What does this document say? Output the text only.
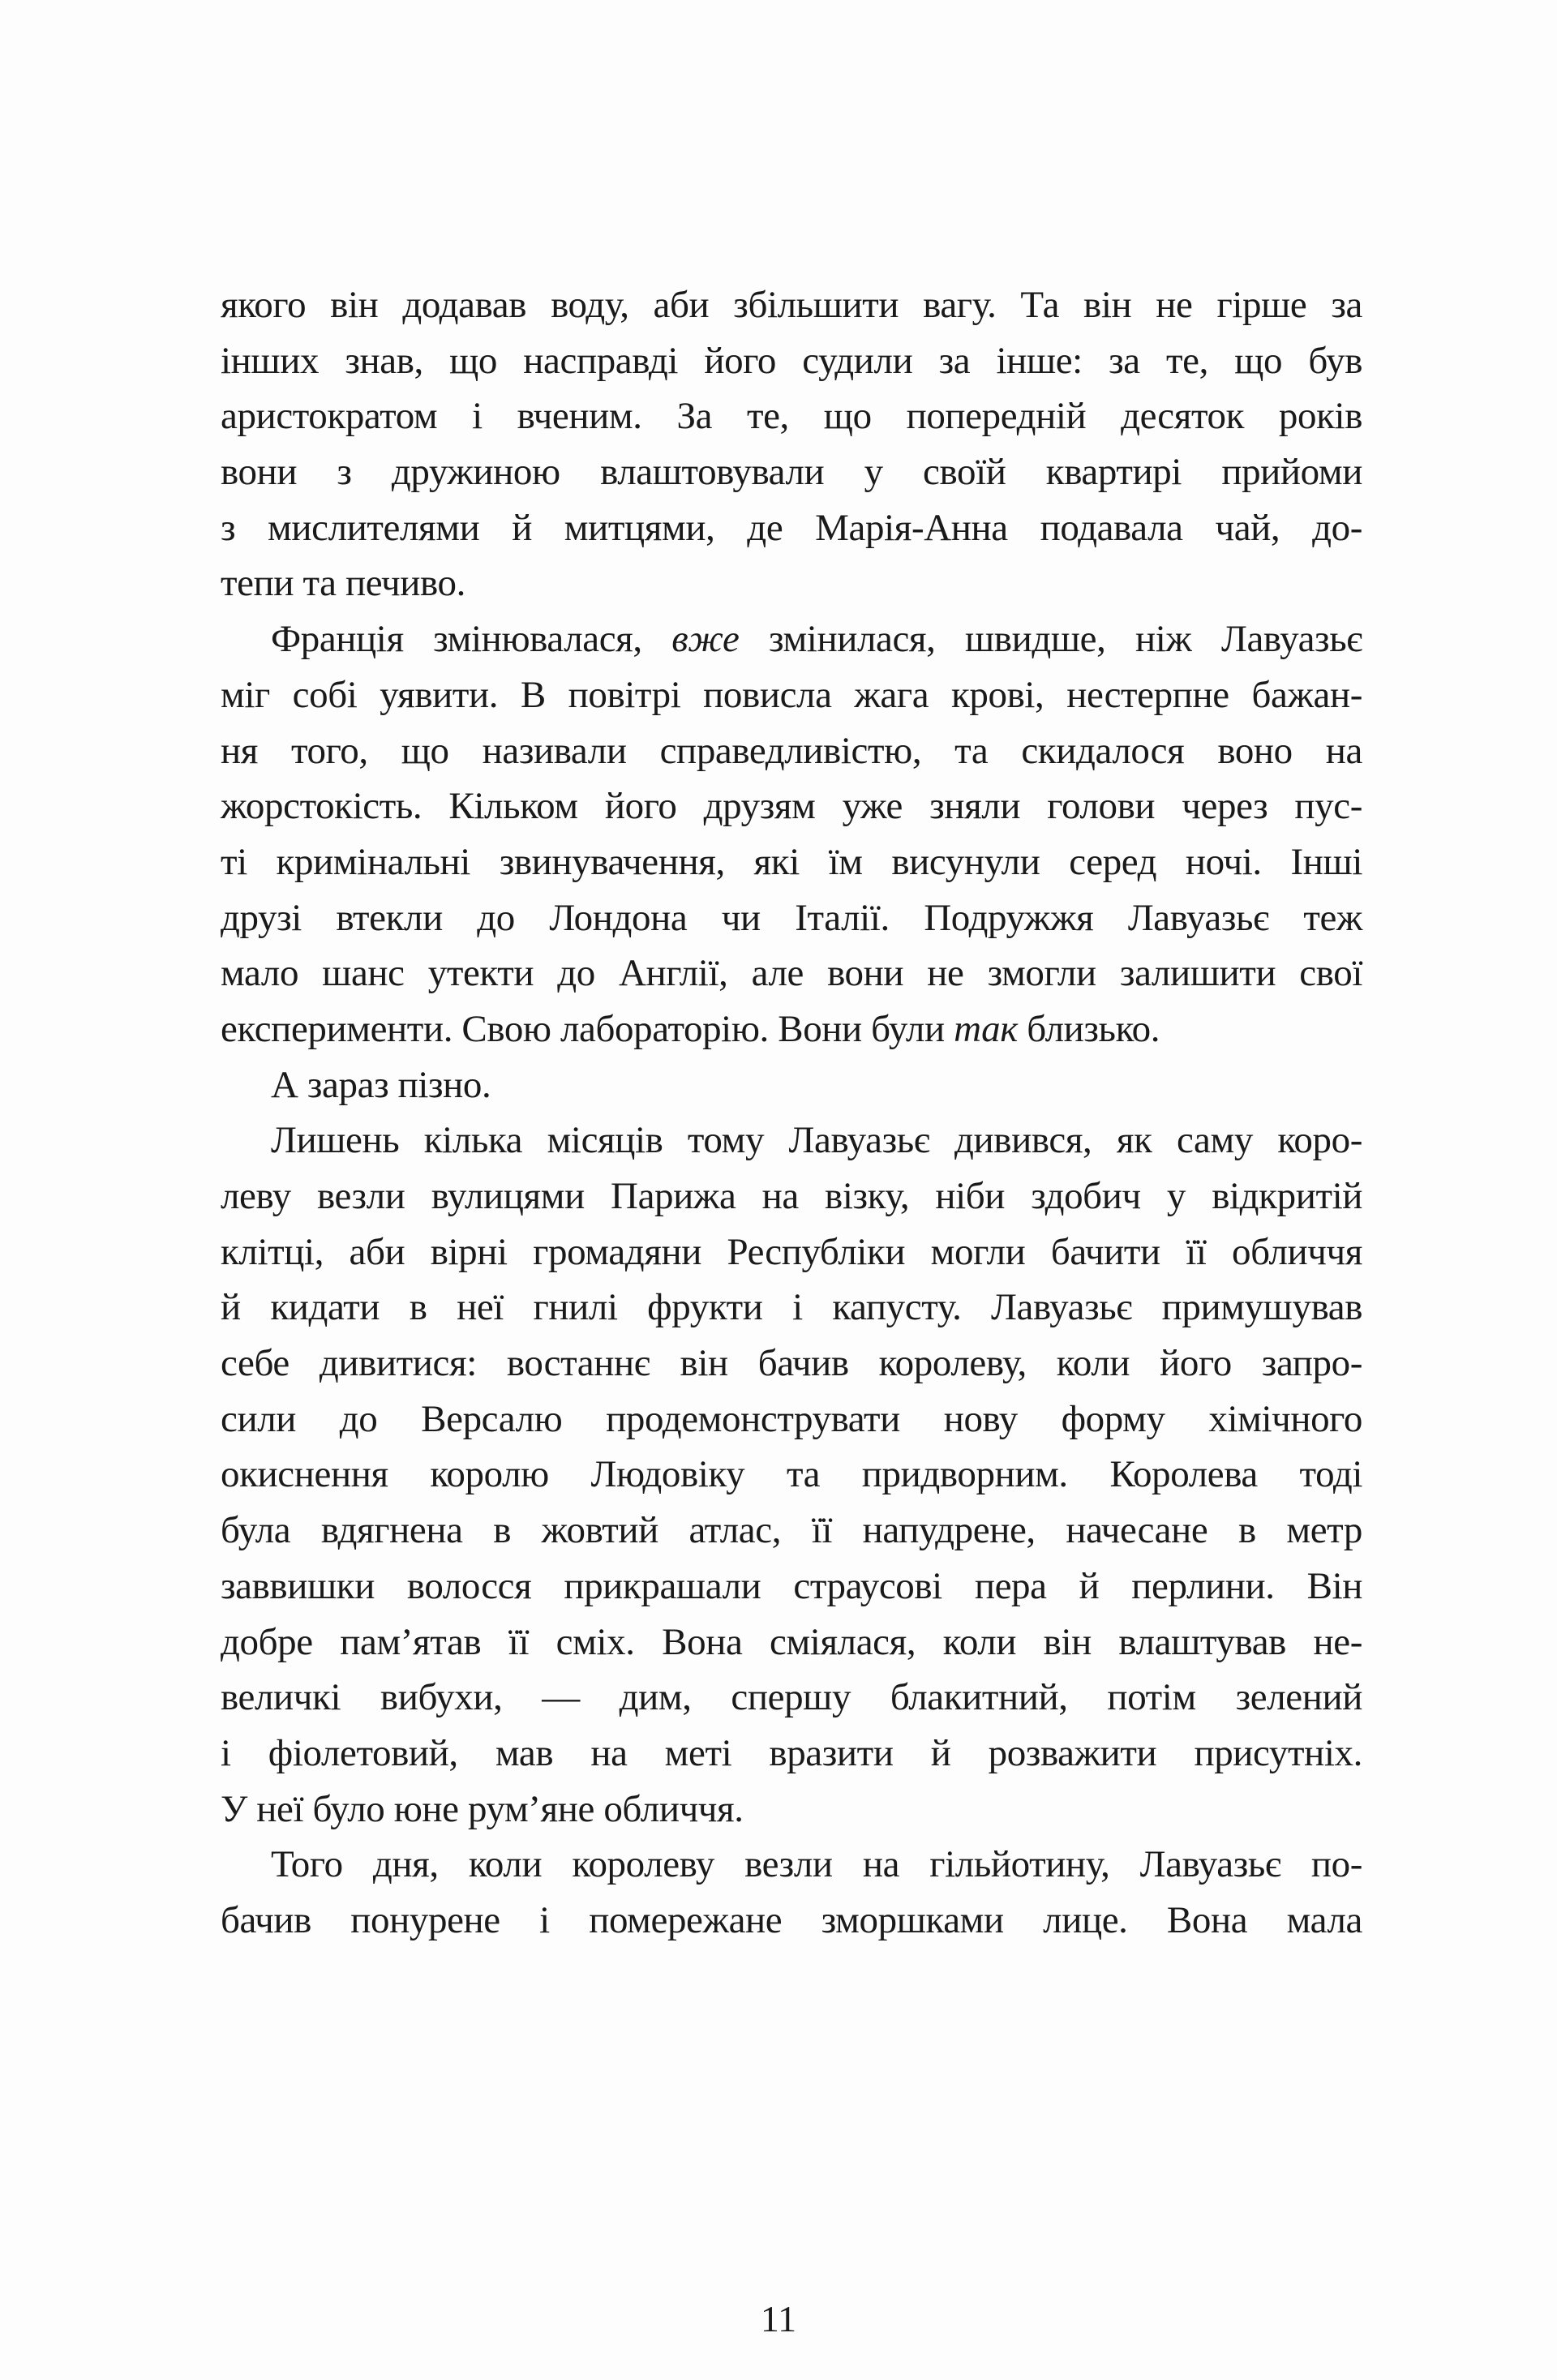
якого він додавав воду, аби збільшити вагу. Та він не гірше за
інших знав, що насправді його судили за інше: за те, що був
аристократом і вченим. За те, що попередній десяток років
вони з дружиною влаштовували у своїй квартирі прийоми
з мислителями й митцями, де Марія-Анна подавала чай, до-
тепи та печиво.
Франція змінювалася, вже змінилася, швидше, ніж Лавуазьє
міг собі уявити. В повітрі повисла жага крові, нестерпне бажан-
ня того, що називали справедливістю, та скидалося воно на
жорстокість. Кільком його друзям уже зняли голови через пус-
ті кримінальні звинувачення, які їм висунули серед ночі. Інші
друзі втекли до Лондона чи Італії. Подружжя Лавуазьє теж
мало шанс утекти до Англії, але вони не змогли залишити свої
експерименти. Свою лабораторію. Вони були так близько.
А зараз пізно.
Лишень кілька місяців тому Лавуазьє дивився, як саму коро-
леву везли вулицями Парижа на візку, ніби здобич у відкритій
клітці, аби вірні громадяни Республіки могли бачити її обличчя
й кидати в неї гнилі фрукти і капусту. Лавуазьє примушував
себе дивитися: востаннє він бачив королеву, коли його запро-
сили до Версалю продемонструвати нову форму хімічного
окиснення королю Людовіку та придворним. Королева тоді
була вдягнена в жовтий атлас, її напудрене, начесане в метр
заввишки волосся прикрашали страусові пера й перлини. Він
добре пам’ятав її сміх. Вона сміялася, коли він влаштував не-
величкі вибухи, — дим, спершу блакитний, потім зелений
і фіолетовий, мав на меті вразити й розважити присутніх.
У неї було юне рум’яне обличчя.
Того дня, коли королеву везли на гільйотину, Лавуазьє по-
бачив понурене і помережане зморшками лице. Вона мала
11
